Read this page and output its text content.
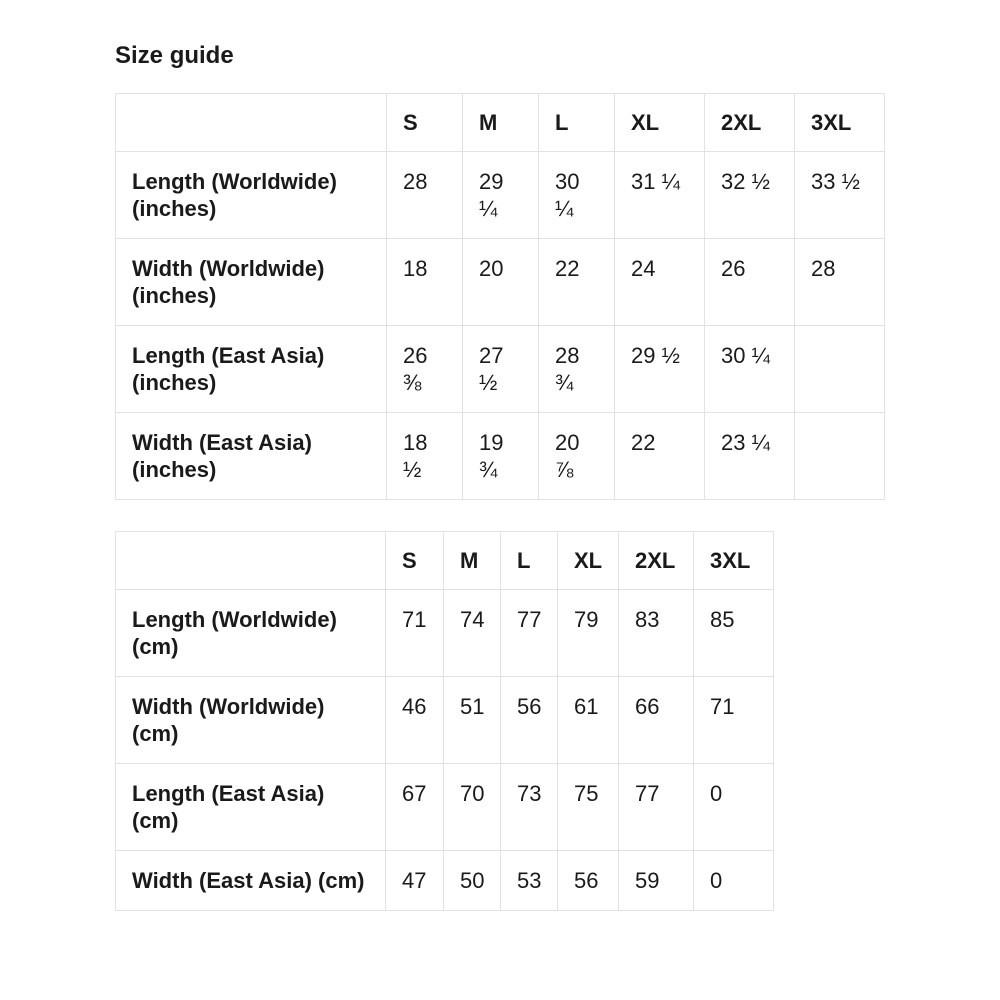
Size guide
	S	M	L	XL	2XL	3XL
Length (Worldwide) (inches)	28	29 ¼	30 ¼	31 ¼	32 ½	33 ½
Width (Worldwide) (inches)	18	20	22	24	26	28
Length (East Asia) (inches)	26 ⅜	27 ½	28 ¾	29 ½	30 ¼	
Width (East Asia) (inches)	18 ½	19 ¾	20 ⅞	22	23 ¼	
	S	M	L	XL	2XL	3XL
Length (Worldwide) (cm)	71	74	77	79	83	85
Width (Worldwide) (cm)	46	51	56	61	66	71
Length (East Asia) (cm)	67	70	73	75	77	0
Width (East Asia) (cm)	47	50	53	56	59	0
